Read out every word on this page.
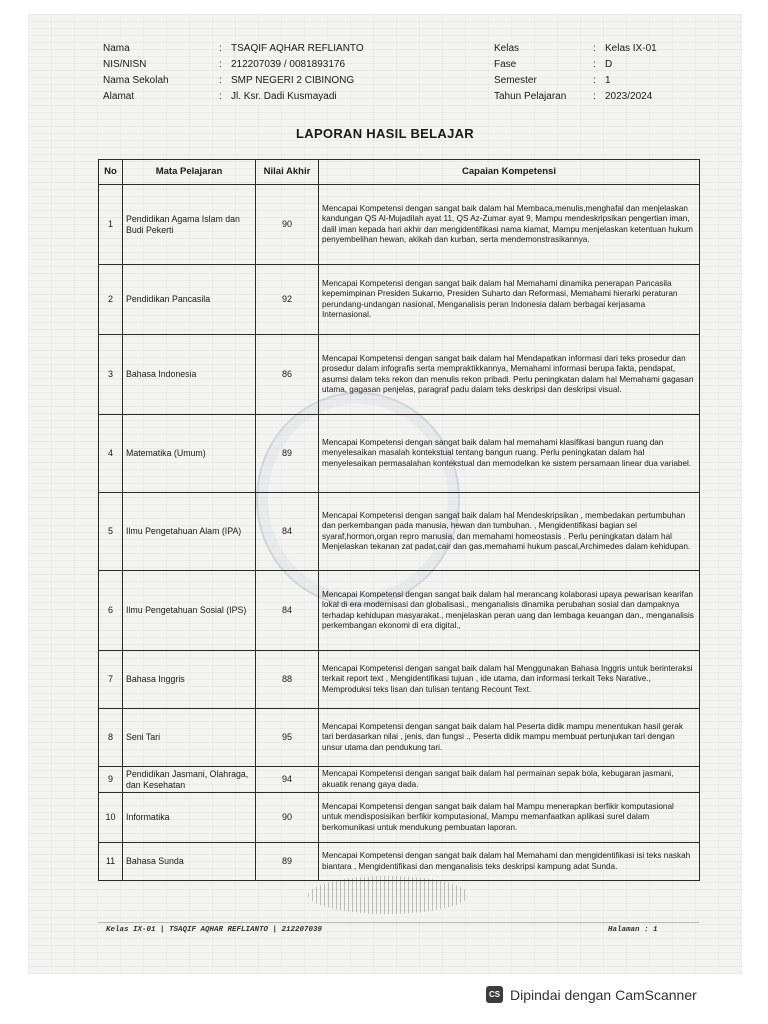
Nama	: TSAQIF AQHAR REFLIANTO
NIS/NISN	: 212207039 / 0081893176
Nama Sekolah	: SMP NEGERI 2 CIBINONG
Alamat	: Jl. Ksr. Dadi Kusmayadi
Kelas	: Kelas IX-01
Fase	: D
Semester	: 1
Tahun Pelajaran	: 2023/2024
LAPORAN HASIL BELAJAR
No	Mata Pelajaran	Nilai Akhir	Capaian Kompetensi
1	Pendidikan Agama Islam dan Budi Pekerti	90	Mencapai Kompetensi dengan sangat baik dalam hal Membaca,menulis,menghafal dan menjelaskan kandungan QS Al-Mujadilah ayat 11, QS Az-Zumar ayat 9, Mampu mendeskripsikan pengertian iman, dalil iman kepada hari akhir dan mengidentifikasi nama kiamat, Mampu menjelaskan ketentuan hukum penyembelihan hewan, akikah dan kurban, serta mendemonstrasikannya.
2	Pendidikan Pancasila	92	Mencapai Kompetensi dengan sangat baik dalam hal Memahami dinamika penerapan Pancasila kepemimpinan Presiden Sukarno, Presiden Suharto dan Reformasi, Memahami hierarki peraturan perundang-undangan nasional, Menganalisis peran Indonesia dalam berbagai kerjasama Internasional.
3	Bahasa Indonesia	86	Mencapai Kompetensi dengan sangat baik dalam hal Mendapatkan informasi dari teks prosedur dan prosedur dalam infografis serta mempraktikkannya, Memahami informasi berupa fakta, pendapat, asumsi dalam teks rekon dan menulis rekon pribadi. Perlu peningkatan dalam hal Memahami gagasan utama, gagasan penjelas, paragraf padu dalam teks deskripsi dan deskripsi visual.
4	Matematika (Umum)	89	Mencapai Kompetensi dengan sangat baik dalam hal memahami klasifikasi bangun ruang dan menyelesaikan masalah kontekstual tentang bangun ruang. Perlu peningkatan dalam hal menyelesaikan permasalahan kontekstual dan memodelkan ke sistem persamaan linear dua variabel.
5	Ilmu Pengetahuan Alam (IPA)	84	Mencapai Kompetensi dengan sangat baik dalam hal Mendeskripsikan , membedakan pertumbuhan dan perkembangan pada manusia, hewan dan tumbuhan. , Mengidentifikasi bagian sel syaraf,hormon,organ repro manusia, dan memahami homeostasis . Perlu peningkatan dalam hal Menjelaskan tekanan zat padat,cair dan gas,memahami hukum pascal,Archimedes dalam kehidupan.
6	Ilmu Pengetahuan Sosial (IPS)	84	Mencapai Kompetensi dengan sangat baik dalam hal merancang kolaborasi upaya pewarisan kearifan lokal di era modernisasi dan globalisasi., menganalisis dinamika perubahan sosial dan dampaknya terhadap kehidupan masyarakat., menjelaskan peran uang dan lembaga keuangan dan., menganalisis perkembangan ekonomi di era digital.,
7	Bahasa Inggris	88	Mencapai Kompetensi dengan sangat baik dalam hal Menggunakan Bahasa Inggris untuk berinteraksi terkait report text , Mengidentifikasi tujuan , ide utama, dan informasi terkait Teks Narative., Memproduksi teks lisan dan tulisan tentang Recount Text.
8	Seni Tari	95	Mencapai Kompetensi dengan sangat baik dalam hal Peserta didik mampu menentukan hasil gerak tari berdasarkan nilai , jenis, dan fungsi ., Peserta didik mampu membuat pertunjukan tari dengan unsur utama dan pendukung tari.
9	Pendidikan Jasmani, Olahraga, dan Kesehatan	94	Mencapai Kompetensi dengan sangat baik dalam hal permainan sepak bola, kebugaran jasmani, akuatik renang gaya dada.
10	Informatika	90	Mencapai Kompetensi dengan sangat baik dalam hal Mampu menerapkan berfikir komputasional untuk mendisposisikan berfikir komputasional, Mampu memanfaatkan aplikasi surel dalam berkomunikasi untuk mendukung pembuatan laporan.
11	Bahasa Sunda	89	Mencapai Kompetensi dengan sangat baik dalam hal Memahami dan mengidentifikasi isi teks naskah biantara , Mengidentifikasi dan menganalisis teks deskripsi kampung adat Sunda.
Kelas IX-01 | TSAQIF AQHAR REFLIANTO | 212207039	Halaman : 1
CS Dipindai dengan CamScanner
